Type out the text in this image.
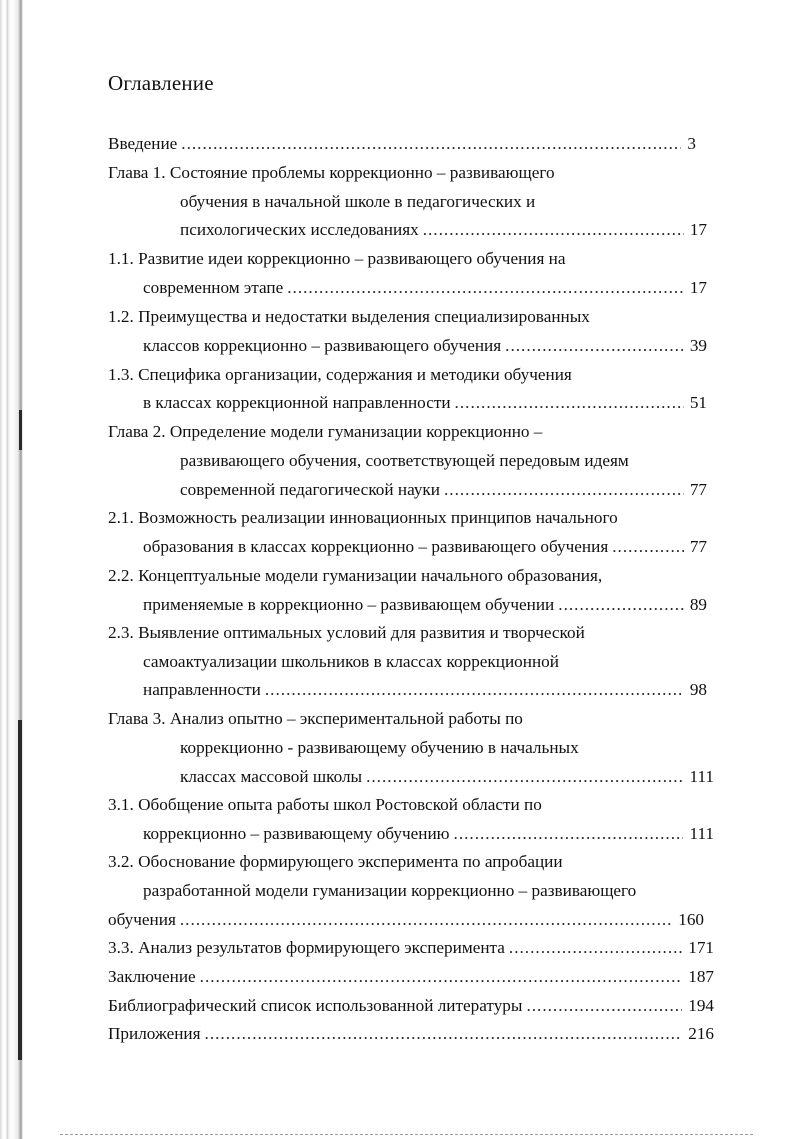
Оглавление
Введение .....	3
Глава 1. Состояние проблемы коррекционно – развивающего
обучения в начальной школе в педагогических и
психологических исследованиях .....	17
1.1. Развитие идеи коррекционно – развивающего обучения на
современном этапе .....	17
1.2. Преимущества и недостатки выделения специализированных
классов коррекционно – развивающего обучения .....	39
1.3. Специфика организации, содержания и методики обучения
в классах коррекционной направленности .....	51
Глава 2. Определение модели гуманизации коррекционно –
развивающего обучения, соответствующей передовым идеям
современной педагогической науки .....	77
2.1. Возможность реализации инновационных принципов начального
образования в классах коррекционно – развивающего обучения .....	77
2.2. Концептуальные модели гуманизации начального образования,
применяемые в коррекционно – развивающем обучении .....	89
2.3. Выявление оптимальных условий для развития и творческой
самоактуализации школьников в классах коррекционной
направленности .....	98
Глава 3. Анализ опытно – экспериментальной работы по
коррекционно - развивающему обучению в начальных
классах массовой школы .....	111
3.1. Обобщение опыта работы школ Ростовской области по
коррекционно – развивающему обучению .....	111
3.2. Обоснование формирующего эксперимента по апробации
разработанной модели гуманизации коррекционно – развивающего
обучения .....	160
3.3. Анализ результатов формирующего эксперимента .....	171
Заключение .....	187
Библиографический список использованной литературы .....	194
Приложения .....	216
